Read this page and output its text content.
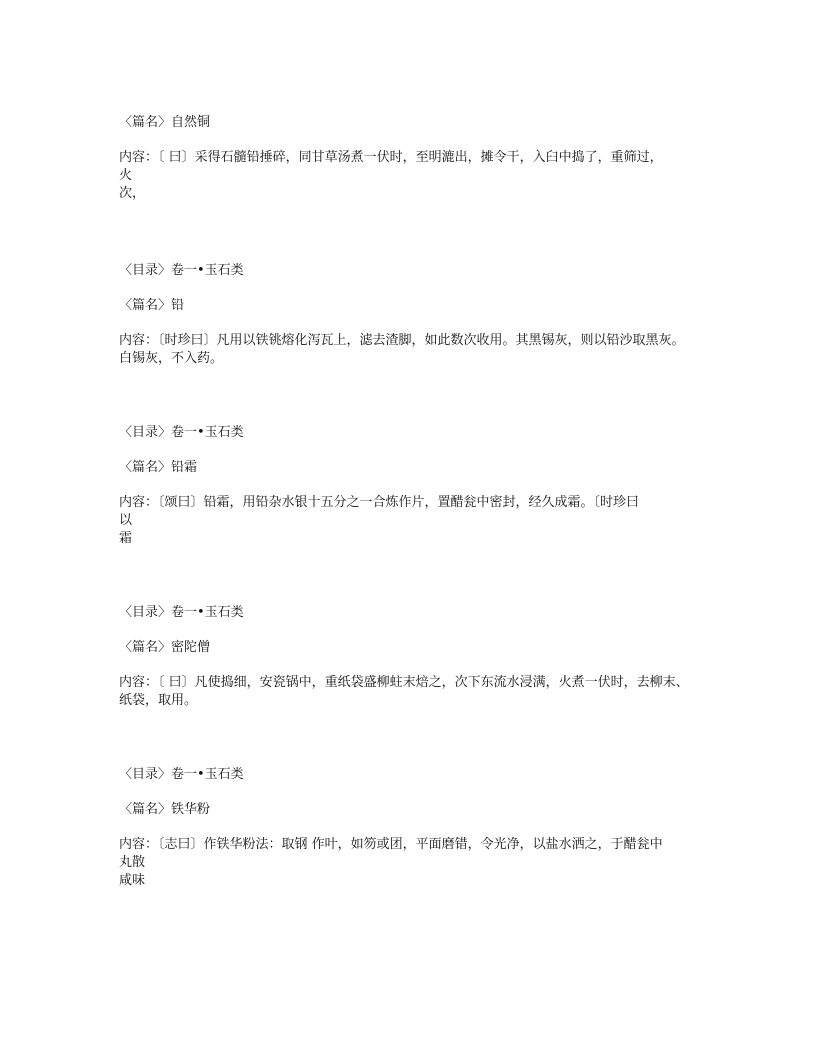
〈篇名〉自然铜

内容：〔 曰〕采得石髓铅捶碎，同甘草汤煮一伏时，至明漉出，摊令干，入臼中捣了，重筛过，

火

次，

〈目录〉卷一•玉石类

〈篇名〉铅

内容：〔时珍曰〕凡用以铁铫熔化泻瓦上，滤去渣脚，如此数次收用。其黑锡灰，则以铅沙取黑灰。白锡灰，不入药。

〈目录〉卷一•玉石类

〈篇名〉铅霜

内容：〔颂曰〕铅霜，用铅杂水银十五分之一合炼作片，置醋瓮中密封，经久成霜。〔时珍曰

以

霜

〈目录〉卷一•玉石类

〈篇名〉密陀僧

内容：〔 曰〕凡使捣细，安瓷锅中，重纸袋盛柳蛀末焙之，次下东流水浸满，火煮一伏时，去柳末、纸袋，取用。

〈目录〉卷一•玉石类

〈篇名〉铁华粉

内容：〔志曰〕作铁华粉法：取钢 作叶，如笏或团，平面磨错，令光净，以盐水洒之，于醋瓮中

丸散

咸味
